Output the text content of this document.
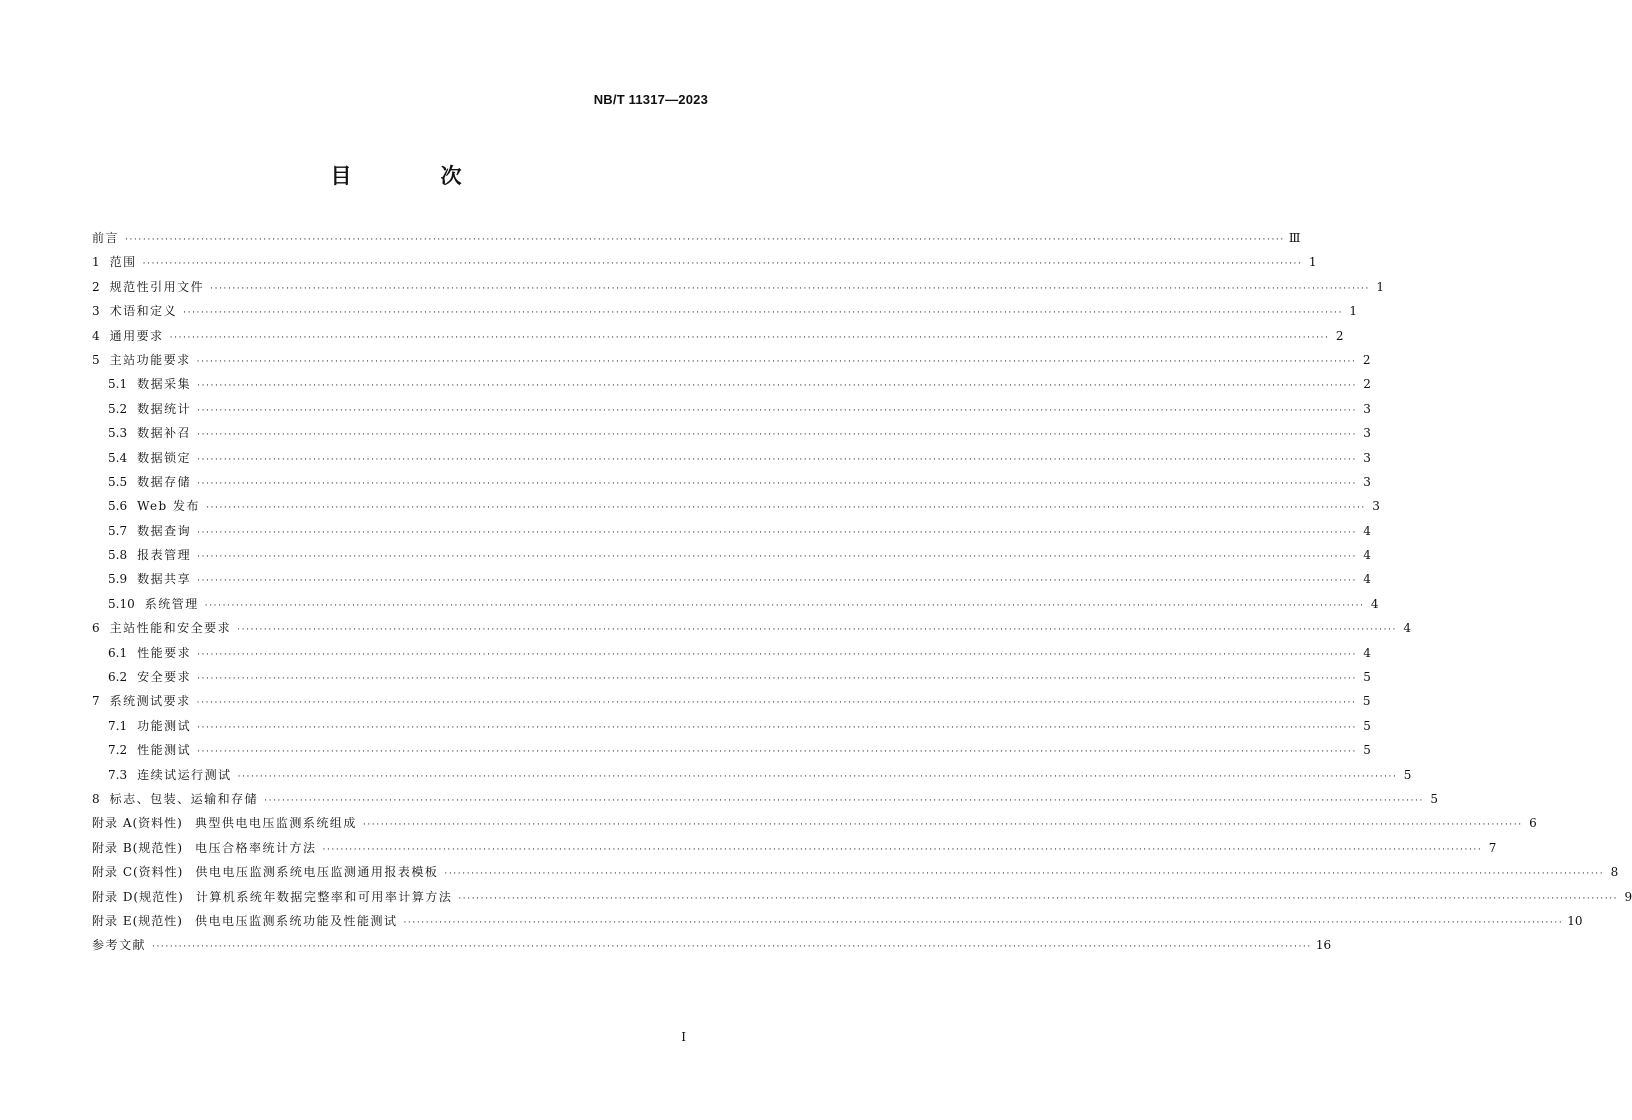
NB/T 11317—2023
目　次
前言 ···································································································································································································································································· Ⅲ
1 范围 ···································································································································································································································································· 1
2 规范性引用文件 ···································································································································································································································································· 1
3 术语和定义 ···································································································································································································································································· 1
4 通用要求 ···································································································································································································································································· 2
5 主站功能要求 ···································································································································································································································································· 2
5.1 数据采集 ···································································································································································································································································· 2
5.2 数据统计 ···································································································································································································································································· 3
5.3 数据补召 ···································································································································································································································································· 3
5.4 数据锁定 ···································································································································································································································································· 3
5.5 数据存储 ···································································································································································································································································· 3
5.6 Web 发布 ···································································································································································································································································· 3
5.7 数据查询 ···································································································································································································································································· 4
5.8 报表管理 ···································································································································································································································································· 4
5.9 数据共享 ···································································································································································································································································· 4
5.10 系统管理 ···································································································································································································································································· 4
6 主站性能和安全要求 ···································································································································································································································································· 4
6.1 性能要求 ···································································································································································································································································· 4
6.2 安全要求 ···································································································································································································································································· 5
7 系统测试要求 ···································································································································································································································································· 5
7.1 功能测试 ···································································································································································································································································· 5
7.2 性能测试 ···································································································································································································································································· 5
7.3 连续试运行测试 ···································································································································································································································································· 5
8 标志、包装、运输和存储 ···································································································································································································································································· 5
附录 A(资料性) 典型供电电压监测系统组成 ···································································································································································································································································· 6
附录 B(规范性) 电压合格率统计方法 ···································································································································································································································································· 7
附录 C(资料性) 供电电压监测系统电压监测通用报表模板 ···································································································································································································································································· 8
附录 D(规范性) 计算机系统年数据完整率和可用率计算方法 ···································································································································································································································································· 9
附录 E(规范性) 供电电压监测系统功能及性能测试 ···································································································································································································································································· 10
参考文献 ···································································································································································································································································· 16
I
